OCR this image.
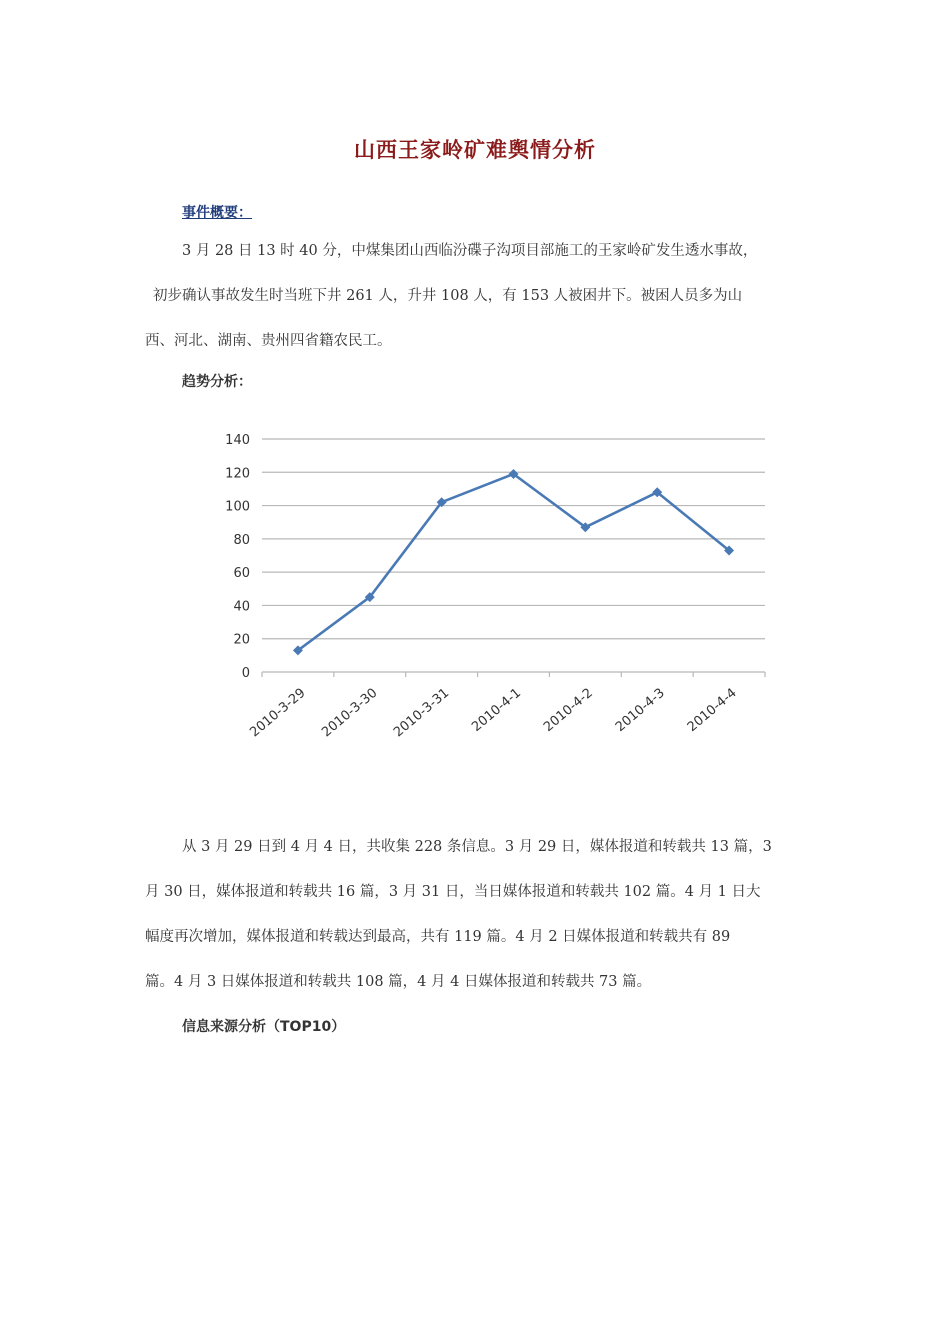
山西王家岭矿难舆情分析
事件概要：
3 月 28 日 13 时 40 分，中煤集团山西临汾碟子沟项目部施工的王家岭矿发生透水事故，
初步确认事故发生时当班下井 261 人，升井 108 人，有 153 人被困井下。被困人员多为山
西、河北、湖南、贵州四省籍农民工。
趋势分析：
0
20
40
60
80
100
120
140
2010-3-29 2010-3-30 2010-3-31 2010-4-1 2010-4-2 2010-4-3 2010-4-4
从 3 月 29 日到 4 月 4 日，共收集 228 条信息。3 月 29 日，媒体报道和转载共 13 篇，3
月 30 日，媒体报道和转载共 16 篇，3 月 31 日，当日媒体报道和转载共 102 篇。4 月 1 日大
幅度再次增加，媒体报道和转载达到最高，共有 119 篇。4 月 2 日媒体报道和转载共有 89
篇。4 月 3 日媒体报道和转载共 108 篇，4 月 4 日媒体报道和转载共 73 篇。
信息来源分析（TOP10）
